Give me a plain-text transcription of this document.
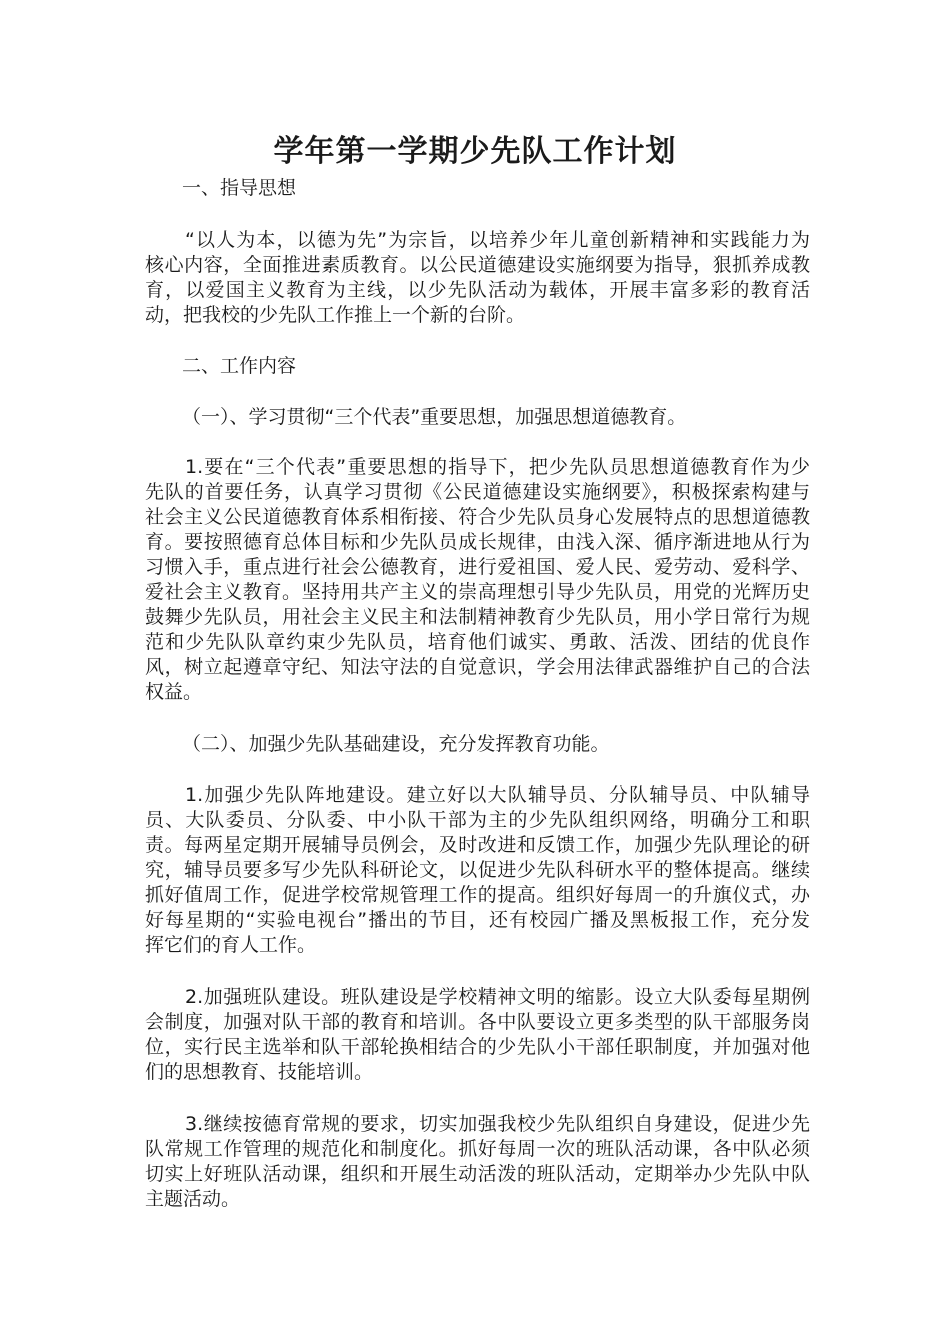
学年第一学期少先队工作计划

一、指导思想

“以人为本，以德为先”为宗旨，以培养少年儿童创新精神和实践能力为

核心内容，全面推进素质教育。以公民道德建设实施纲要为指导，狠抓养成教

育，以爱国主义教育为主线，以少先队活动为载体，开展丰富多彩的教育活

动，把我校的少先队工作推上一个新的台阶。

二、工作内容

（一）、学习贯彻“三个代表”重要思想，加强思想道德教育。

1.要在“三个代表”重要思想的指导下，把少先队员思想道德教育作为少

先队的首要任务，认真学习贯彻《公民道德建设实施纲要》，积极探索构建与

社会主义公民道德教育体系相衔接、符合少先队员身心发展特点的思想道德教

育。要按照德育总体目标和少先队员成长规律，由浅入深、循序渐进地从行为

习惯入手，重点进行社会公德教育，进行爱祖国、爱人民、爱劳动、爱科学、

爱社会主义教育。坚持用共产主义的崇高理想引导少先队员，用党的光辉历史

鼓舞少先队员，用社会主义民主和法制精神教育少先队员，用小学日常行为规

范和少先队队章约束少先队员，培育他们诚实、勇敢、活泼、团结的优良作

风，树立起遵章守纪、知法守法的自觉意识，学会用法律武器维护自己的合法

权益。

（二）、加强少先队基础建设，充分发挥教育功能。

1.加强少先队阵地建设。建立好以大队辅导员、分队辅导员、中队辅导

员、大队委员、分队委、中小队干部为主的少先队组织网络，明确分工和职

责。每两星定期开展辅导员例会，及时改进和反馈工作，加强少先队理论的研

究，辅导员要多写少先队科研论文，以促进少先队科研水平的整体提高。继续

抓好值周工作，促进学校常规管理工作的提高。组织好每周一的升旗仪式，办

好每星期的“实验电视台”播出的节目，还有校园广播及黑板报工作，充分发

挥它们的育人工作。

2.加强班队建设。班队建设是学校精神文明的缩影。设立大队委每星期例

会制度，加强对队干部的教育和培训。各中队要设立更多类型的队干部服务岗

位，实行民主选举和队干部轮换相结合的少先队小干部任职制度，并加强对他

们的思想教育、技能培训。

3.继续按德育常规的要求，切实加强我校少先队组织自身建设，促进少先

队常规工作管理的规范化和制度化。抓好每周一次的班队活动课，各中队必须

切实上好班队活动课，组织和开展生动活泼的班队活动，定期举办少先队中队

主题活动。
